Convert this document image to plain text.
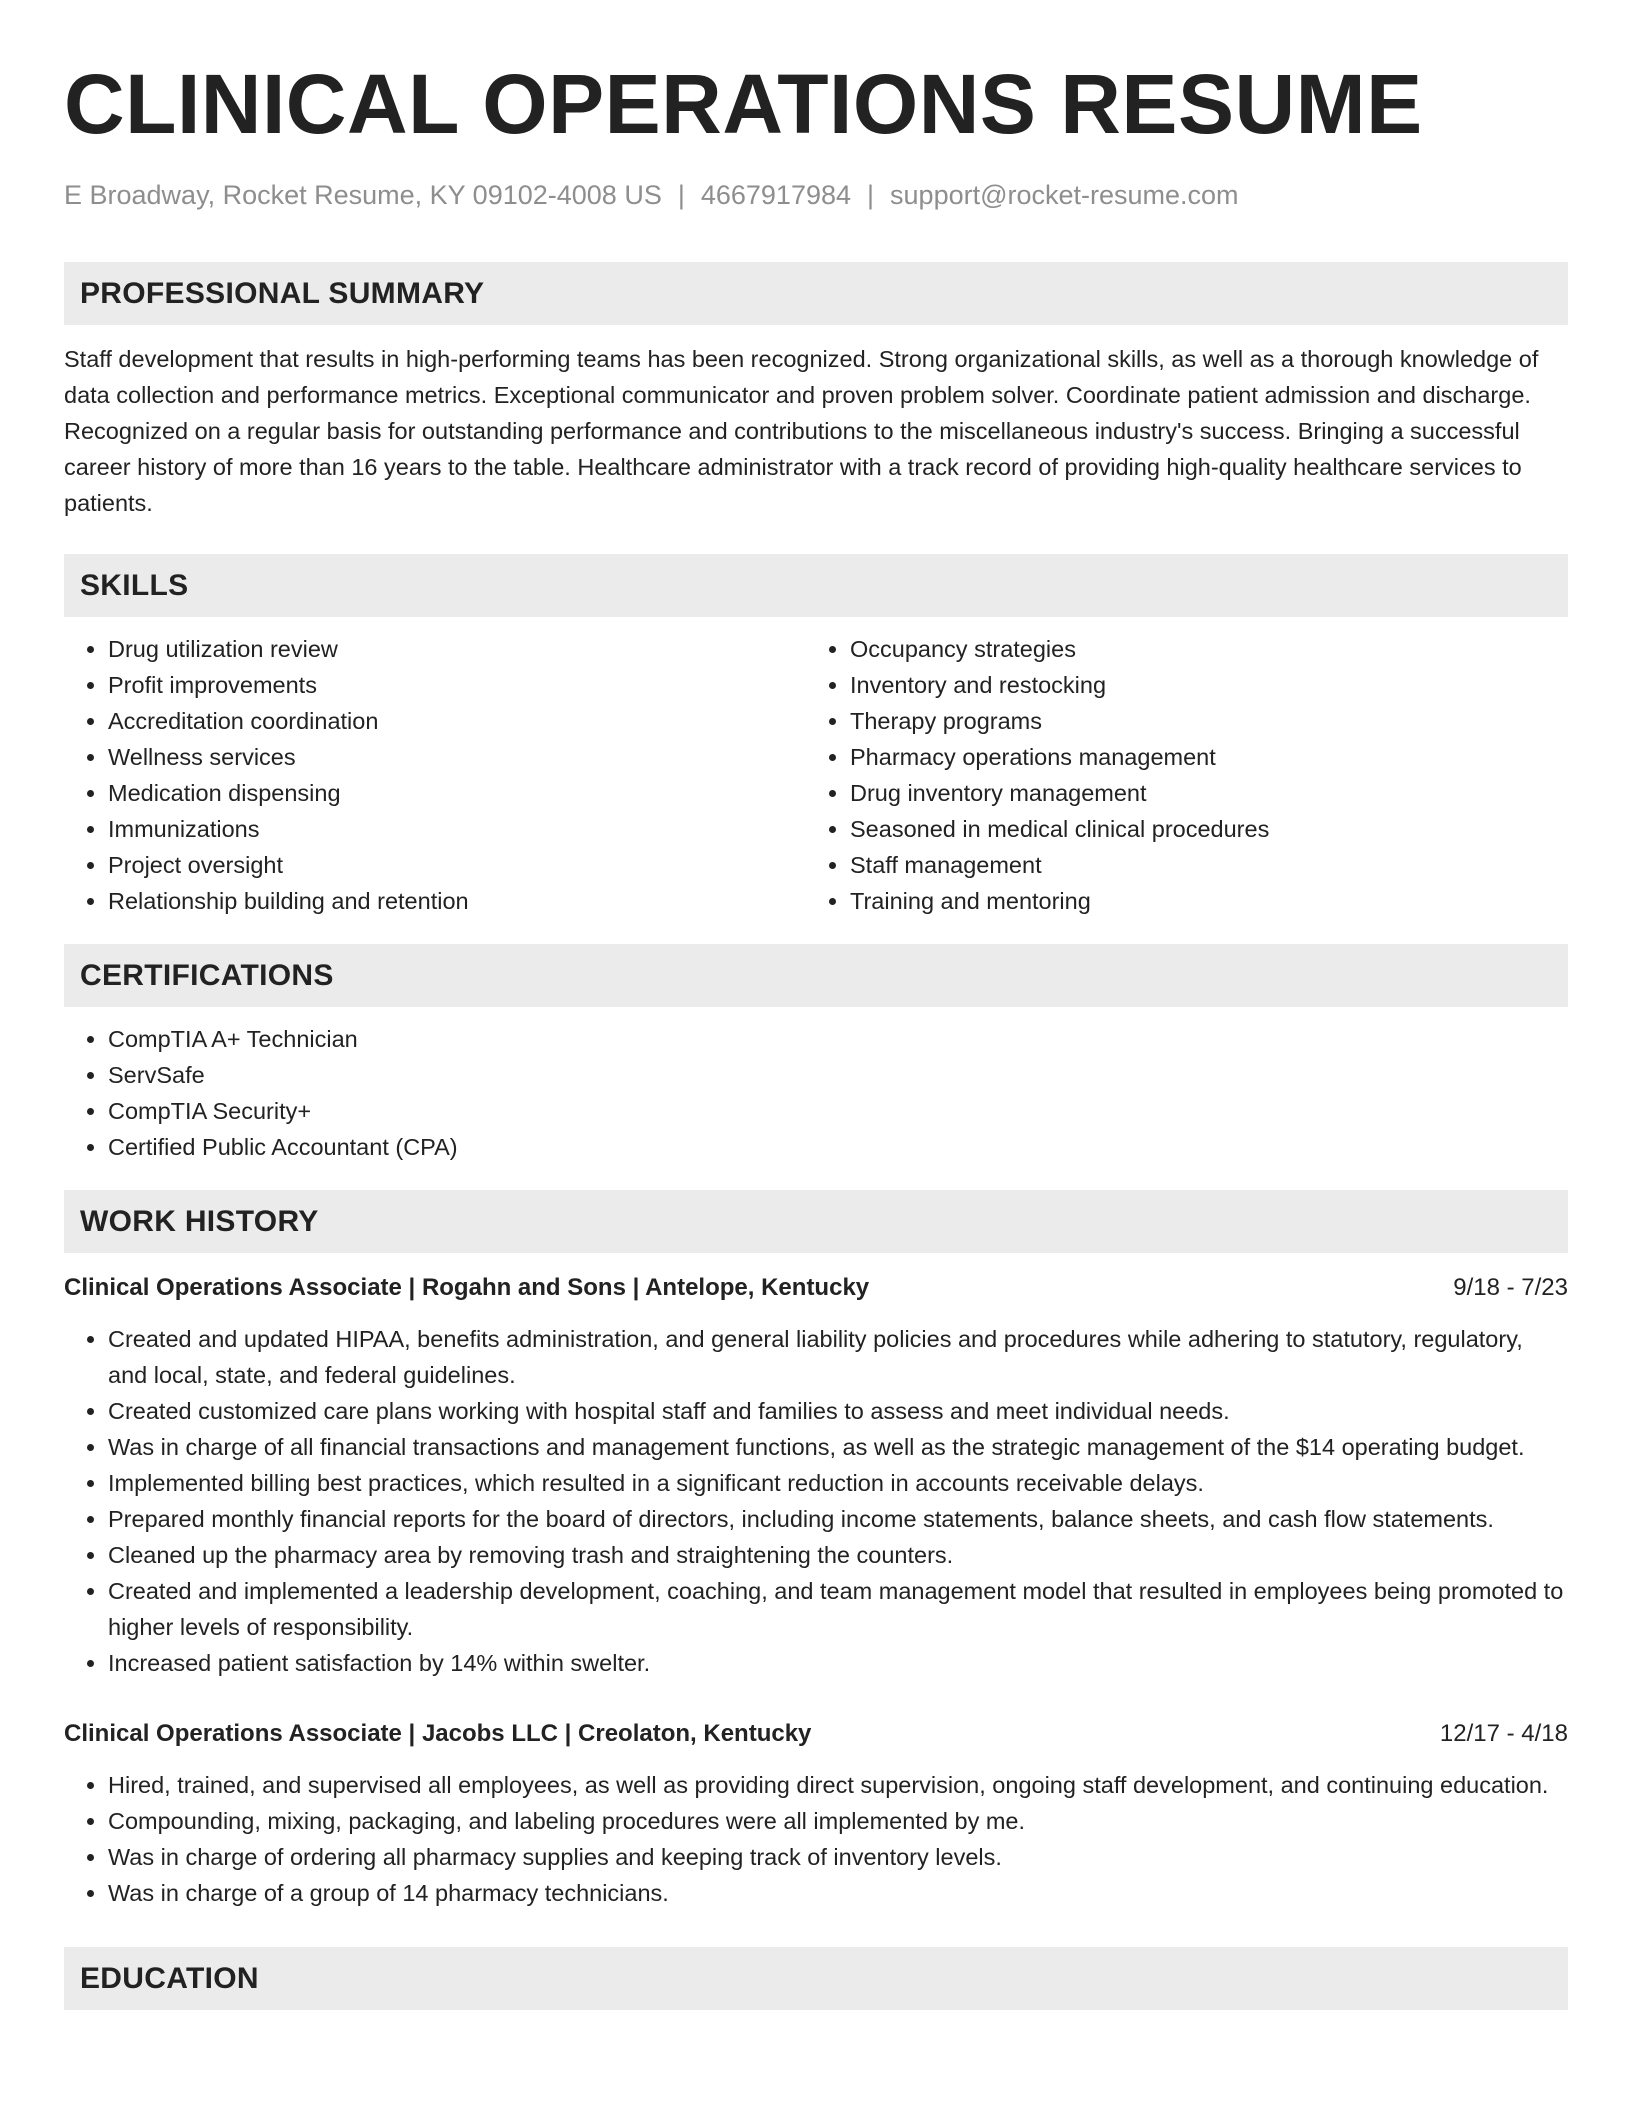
CLINICAL OPERATIONS RESUME
E Broadway, Rocket Resume, KY 09102-4008 US | 4667917984 | support@rocket-resume.com
PROFESSIONAL SUMMARY
Staff development that results in high-performing teams has been recognized. Strong organizational skills, as well as a thorough knowledge of data collection and performance metrics. Exceptional communicator and proven problem solver. Coordinate patient admission and discharge. Recognized on a regular basis for outstanding performance and contributions to the miscellaneous industry's success. Bringing a successful career history of more than 16 years to the table. Healthcare administrator with a track record of providing high-quality healthcare services to patients.
SKILLS
• Drug utilization review
• Profit improvements
• Accreditation coordination
• Wellness services
• Medication dispensing
• Immunizations
• Project oversight
• Relationship building and retention
• Occupancy strategies
• Inventory and restocking
• Therapy programs
• Pharmacy operations management
• Drug inventory management
• Seasoned in medical clinical procedures
• Staff management
• Training and mentoring
CERTIFICATIONS
• CompTIA A+ Technician
• ServSafe
• CompTIA Security+
• Certified Public Accountant (CPA)
WORK HISTORY
Clinical Operations Associate | Rogahn and Sons | Antelope, Kentucky	9/18 - 7/23
• Created and updated HIPAA, benefits administration, and general liability policies and procedures while adhering to statutory, regulatory, and local, state, and federal guidelines.
• Created customized care plans working with hospital staff and families to assess and meet individual needs.
• Was in charge of all financial transactions and management functions, as well as the strategic management of the $14 operating budget.
• Implemented billing best practices, which resulted in a significant reduction in accounts receivable delays.
• Prepared monthly financial reports for the board of directors, including income statements, balance sheets, and cash flow statements.
• Cleaned up the pharmacy area by removing trash and straightening the counters.
• Created and implemented a leadership development, coaching, and team management model that resulted in employees being promoted to higher levels of responsibility.
• Increased patient satisfaction by 14% within swelter.
Clinical Operations Associate | Jacobs LLC | Creolaton, Kentucky	12/17 - 4/18
• Hired, trained, and supervised all employees, as well as providing direct supervision, ongoing staff development, and continuing education.
• Compounding, mixing, packaging, and labeling procedures were all implemented by me.
• Was in charge of ordering all pharmacy supplies and keeping track of inventory levels.
• Was in charge of a group of 14 pharmacy technicians.
EDUCATION
